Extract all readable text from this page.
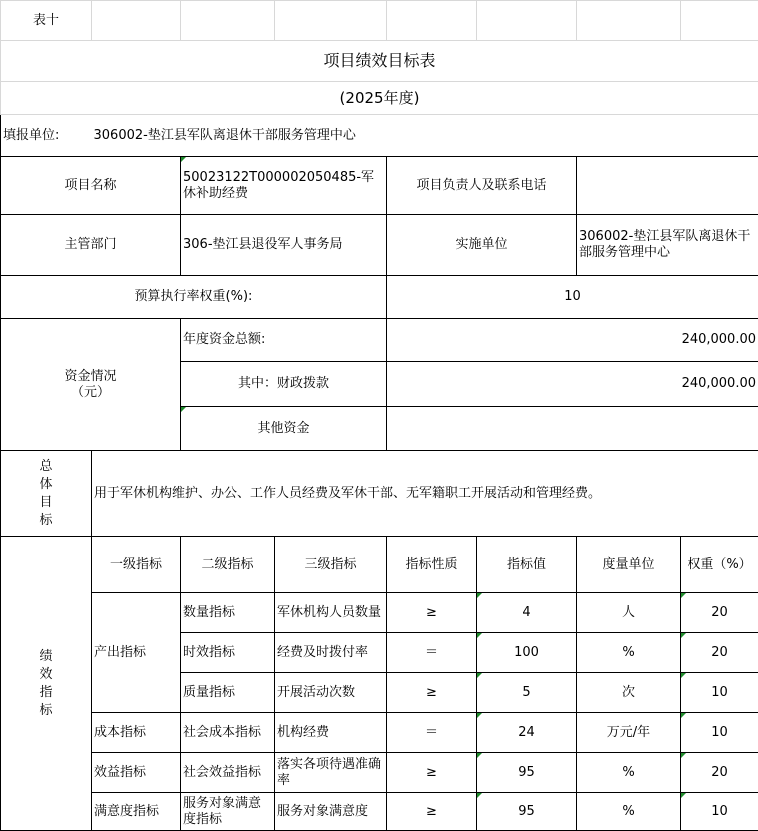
表十							
项目绩效目标表							
(2025年度)							
填报单位:	306002-垫江县军队离退休干部服务管理中心						
项目名称		50023122T000002050485-军休补助经费		项目负责人及联系电话			
主管部门		306-垫江县退役军人事务局		实施单位		306002-垫江县军队离退休干部服务管理中心	
预算执行率权重(%):				10			
资金情况（元）		年度资金总额:		240,000.00			
		其中：财政拨款		240,000.00			
		其他资金					

总
体
目
标	用于军休机构维护、办公、工作人员经费及军休干部、无军籍职工开展活动和管理经费。						

绩
效
指
标	一级指标	二级指标	三级指标	指标性质	指标值	度量单位	权重（%）
	产出指标	数量指标	军休机构人员数量	≥	4	人	20
		时效指标	经费及时拨付率	＝	100	%	20
		质量指标	开展活动次数	≥	5	次	10
	成本指标	社会成本指标	机构经费	＝	24	万元/年	10
	效益指标	社会效益指标	落实各项待遇准确率	≥	95	%	20
	满意度指标	服务对象满意度指标	服务对象满意度	≥	95	%	10
